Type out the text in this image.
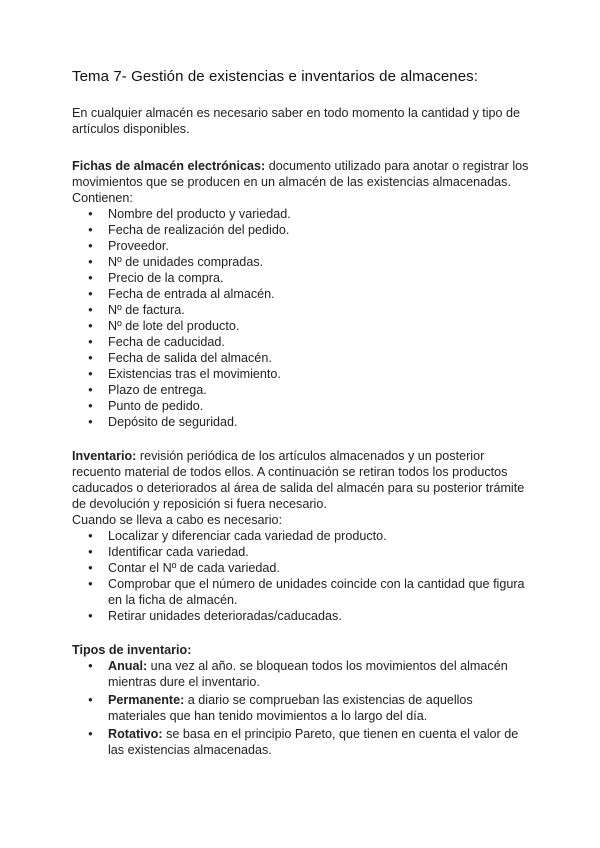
Tema 7- Gestión de existencias e inventarios de almacenes:

En cualquier almacén es necesario saber en todo momento la cantidad y tipo de artículos disponibles.

Fichas de almacén electrónicas: documento utilizado para anotar o registrar los movimientos que se producen en un almacén de las existencias almacenadas.

Contienen:

● Nombre del producto y variedad.
● Fecha de realización del pedido.
● Proveedor.
● Nº de unidades compradas.
● Precio de la compra.
● Fecha de entrada al almacén.
● Nº de factura.
● Nº de lote del producto.
● Fecha de caducidad.
● Fecha de salida del almacén.
● Existencias tras el movimiento.
● Plazo de entrega.
● Punto de pedido.
● Depósito de seguridad.

Inventario: revisión periódica de los artículos almacenados y un posterior recuento material de todos ellos. A continuación se retiran todos los productos caducados o deteriorados al área de salida del almacén para su posterior trámite de devolución y reposición si fuera necesario.

Cuando se lleva a cabo es necesario:

● Localizar y diferenciar cada variedad de producto.
● Identificar cada variedad.
● Contar el Nº de cada variedad.
● Comprobar que el número de unidades coincide con la cantidad que figura en la ficha de almacén.
● Retirar unidades deterioradas/caducadas.

Tipos de inventario:

● Anual: una vez al año. se bloquean todos los movimientos del almacén mientras dure el inventario.
● Permanente: a diario se comprueban las existencias de aquellos materiales que han tenido movimientos a lo largo del día.
● Rotativo: se basa en el principio Pareto, que tienen en cuenta el valor de las existencias almacenadas.
